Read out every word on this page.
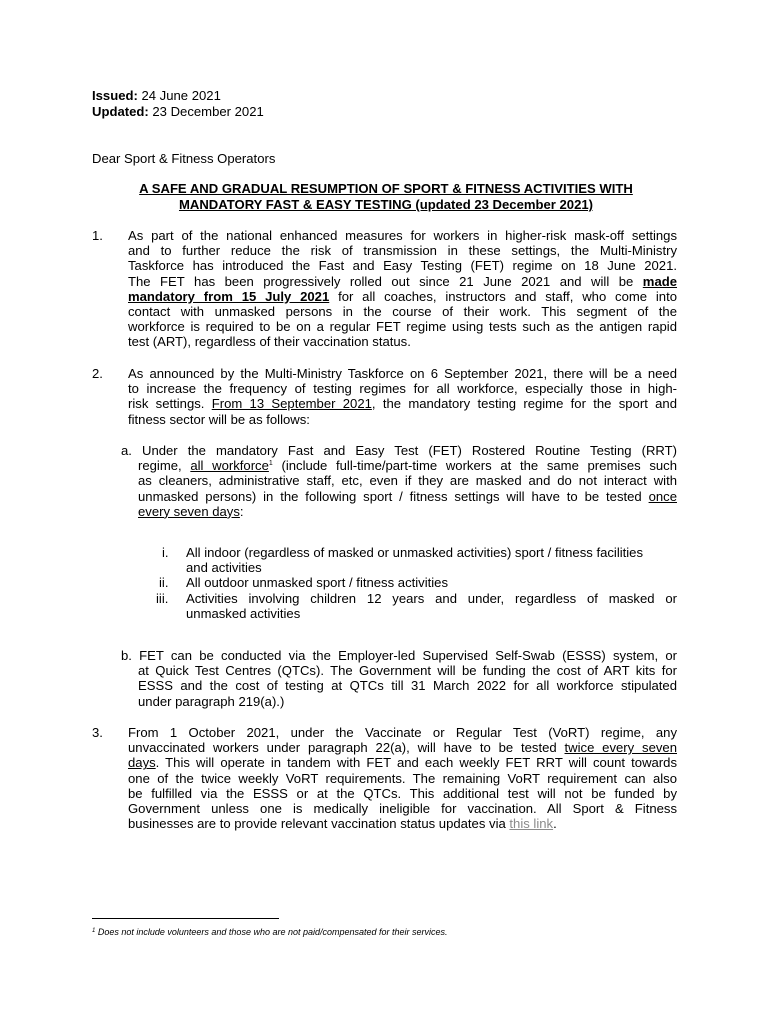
Issued: 24 June 2021
Updated: 23 December 2021
Dear Sport & Fitness Operators
A SAFE AND GRADUAL RESUMPTION OF SPORT & FITNESS ACTIVITIES WITH
MANDATORY FAST & EASY TESTING (updated 23 December 2021)
1. As part of the national enhanced measures for workers in higher-risk mask-off settings
and to further reduce the risk of transmission in these settings, the Multi-Ministry
Taskforce has introduced the Fast and Easy Testing (FET) regime on 18 June 2021.
The FET has been progressively rolled out since 21 June 2021 and will be made
mandatory from 15 July 2021 for all coaches, instructors and staff, who come into
contact with unmasked persons in the course of their work. This segment of the
workforce is required to be on a regular FET regime using tests such as the antigen rapid
test (ART), regardless of their vaccination status.
2. As announced by the Multi-Ministry Taskforce on 6 September 2021, there will be a need
to increase the frequency of testing regimes for all workforce, especially those in high-
risk settings. From 13 September 2021, the mandatory testing regime for the sport and
fitness sector will be as follows:
a. Under the mandatory Fast and Easy Test (FET) Rostered Routine Testing (RRT)
regime, all workforce$^1$ (include full-time/part-time workers at the same premises such
as cleaners, administrative staff, etc, even if they are masked and do not interact with
unmasked persons) in the following sport / fitness settings will have to be tested once
every seven days:
i. All indoor (regardless of masked or unmasked activities) sport / fitness facilities
and activities
ii. All outdoor unmasked sport / fitness activities
iii. Activities involving children 12 years and under, regardless of masked or
unmasked activities
b. FET can be conducted via the Employer-led Supervised Self-Swab (ESSS) system, or
at Quick Test Centres (QTCs). The Government will be funding the cost of ART kits for
ESSS and the cost of testing at QTCs till 31 March 2022 for all workforce stipulated
under paragraph 219(a).)
3. From 1 October 2021, under the Vaccinate or Regular Test (VoRT) regime, any
unvaccinated workers under paragraph 22(a), will have to be tested twice every seven
days. This will operate in tandem with FET and each weekly FET RRT will count towards
one of the twice weekly VoRT requirements. The remaining VoRT requirement can also
be fulfilled via the ESSS or at the QTCs. This additional test will not be funded by
Government unless one is medically ineligible for vaccination. All Sport & Fitness
businesses are to provide relevant vaccination status updates via this link.
$^1$ Does not include volunteers and those who are not paid/compensated for their services.
